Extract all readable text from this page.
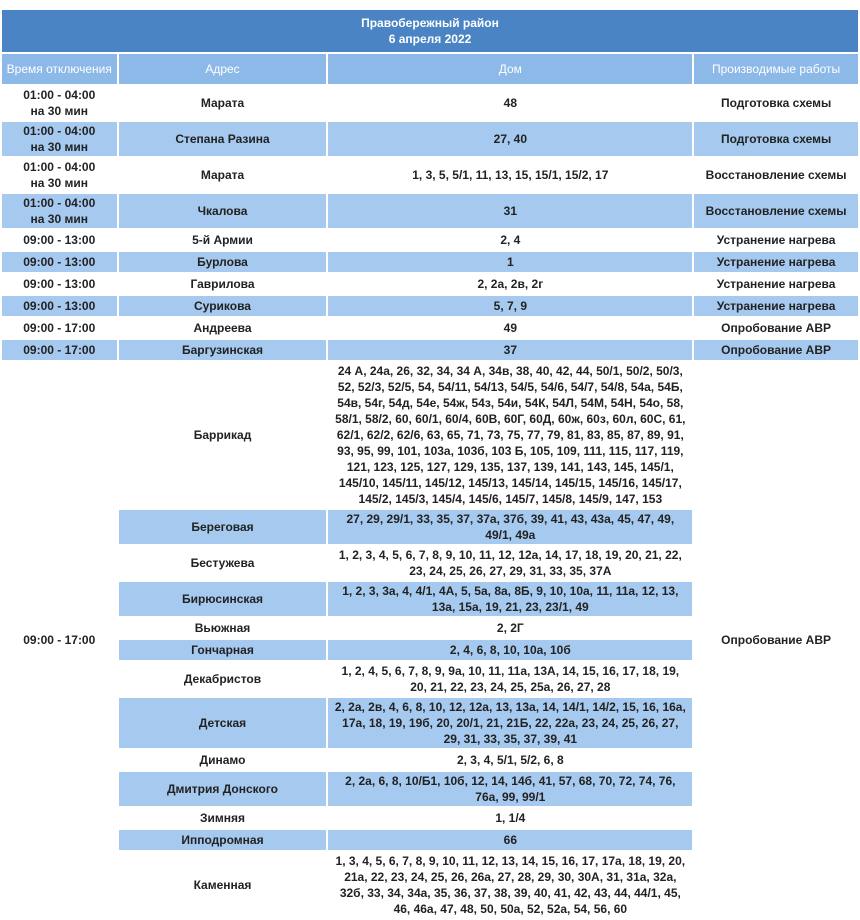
Правобережный район
6 апреля 2022			

Время отключения	Адрес	Дом	Производимые работы
01:00 - 04:00
на 30 мин	Марата	48	Подготовка схемы
01:00 - 04:00
на 30 мин	Степана Разина	27, 40	Подготовка схемы
01:00 - 04:00
на 30 мин	Марата	1, 3, 5, 5/1, 11, 13, 15, 15/1, 15/2, 17	Восстановление схемы
01:00 - 04:00
на 30 мин	Чкалова	31	Восстановление схемы
09:00 - 13:00	5-й Армии	2, 4	Устранение нагрева
09:00 - 13:00	Бурлова	1	Устранение нагрева
09:00 - 13:00	Гаврилова	2, 2а, 2в, 2г	Устранение нагрева
09:00 - 13:00	Сурикова	5, 7, 9	Устранение нагрева
09:00 - 17:00	Андреева	49	Опробование АВР
09:00 - 17:00	Баргузинская	37	Опробование АВР
09:00 - 17:00	Баррикад	24 А, 24а, 26, 32, 34, 34 А, 34в, 38, 40, 42, 44, 50/1, 50/2, 50/3, 52, 52/3, 52/5, 54, 54/11, 54/13, 54/5, 54/6, 54/7, 54/8, 54а, 54Б, 54в, 54г, 54д, 54е, 54ж, 54з, 54и, 54К, 54Л, 54М, 54Н, 54о, 58, 58/1, 58/2, 60, 60/1, 60/4, 60В, 60Г, 60Д, 60ж, 60з, 60л, 60С, 61, 62/1, 62/2, 62/6, 63, 65, 71, 73, 75, 77, 79, 81, 83, 85, 87, 89, 91, 93, 95, 99, 101, 103а, 103б, 103 Б, 105, 109, 111, 115, 117, 119, 121, 123, 125, 127, 129, 135, 137, 139, 141, 143, 145, 145/1, 145/10, 145/11, 145/12, 145/13, 145/14, 145/15, 145/16, 145/17, 145/2, 145/3, 145/4, 145/6, 145/7, 145/8, 145/9, 147, 153	Опробование АВР
	Береговая	27, 29, 29/1, 33, 35, 37, 37а, 37б, 39, 41, 43, 43а, 45, 47, 49, 49/1, 49а	
	Бестужева	1, 2, 3, 4, 5, 6, 7, 8, 9, 10, 11, 12, 12а, 14, 17, 18, 19, 20, 21, 22, 23, 24, 25, 26, 27, 29, 31, 33, 35, 37А	
	Бирюсинская	1, 2, 3, 3а, 4, 4/1, 4А, 5, 5а, 8а, 8Б, 9, 10, 10а, 11, 11а, 12, 13, 13а, 15а, 19, 21, 23, 23/1, 49	
	Вьюжная	2, 2Г	
	Гончарная	2, 4, 6, 8, 10, 10а, 10б	
	Декабристов	1, 2, 4, 5, 6, 7, 8, 9, 9а, 10, 11, 11а, 13А, 14, 15, 16, 17, 18, 19, 20, 21, 22, 23, 24, 25, 25а, 26, 27, 28	
	Детская	2, 2а, 2в, 4, 6, 8, 10, 12, 12а, 13, 13а, 14, 14/1, 14/2, 15, 16, 16а, 17а, 18, 19, 19б, 20, 20/1, 21, 21Б, 22, 22а, 23, 24, 25, 26, 27, 29, 31, 33, 35, 37, 39, 41	
	Динамо	2, 3, 4, 5/1, 5/2, 6, 8	
	Дмитрия Донского	2, 2а, 6, 8, 10/Б1, 10б, 12, 14, 14б, 41, 57, 68, 70, 72, 74, 76, 76а, 99, 99/1	
	Зимняя	1, 1/4	
	Ипподромная	66	
	Каменная	1, 3, 4, 5, 6, 7, 8, 9, 10, 11, 12, 13, 14, 15, 16, 17, 17а, 18, 19, 20, 21а, 22, 23, 24, 25, 26, 26а, 27, 28, 29, 30, 30А, 31, 31а, 32а, 32б, 33, 34, 34а, 35, 36, 37, 38, 39, 40, 41, 42, 43, 44, 44/1, 45, 46, 46а, 47, 48, 50, 50а, 52, 52а, 54, 56, 60	
